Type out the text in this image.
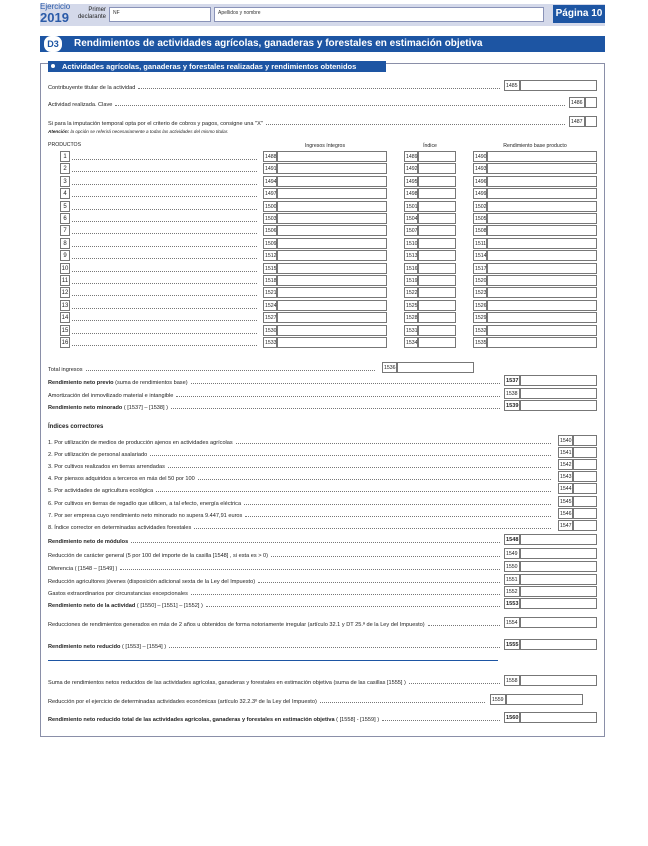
Ejercicio
2019	Primer declarante
NF	Apellidos y nombre	Página 10
D3	Rendimientos de actividades agrícolas, ganaderas y forestales en estimación objetiva
Actividades agrícolas, ganaderas y forestales realizadas y rendimientos obtenidos
Contribuyente titular de la actividad	1485
Actividad realizada. Clave	1486
Si para la imputación temporal opta por el criterio de cobros y pagos, consigne una "X"	1487
Atención: la opción se referirá necesariamente a todas las actividades del mismo titular.
PRODUCTOS	Ingresos íntegros	Índice	Rendimiento base producto
1	1488	1489	1490
2	1491	1492	1493
3	1494	1495	1496
4	1497	1498	1499
5	1500	1501	1502
6	1503	1504	1505
7	1506	1507	1508
8	1509	1510	1511
9	1512	1513	1514
10	1515	1516	1517
11	1518	1519	1520
12	1521	1522	1523
13	1524	1525	1526
14	1527	1528	1529
15	1530	1531	1532
16	1533	1534	1535
Total ingresos	1536
Rendimiento neto previo (suma de rendimientos base)	1537
Amortización del inmovilizado material e intangible	1538
Rendimiento neto minorado ( [1537] – [1538] )	1539
Índices correctores
1. Por utilización de medios de producción ajenos en actividades agrícolas	1540
2. Por utilización de personal asalariado	1541
3. Por cultivos realizados en tierras arrendadas	1542
4. Por piensos adquiridos a terceros en más del 50 por 100	1543
5. Por actividades de agricultura ecológica	1544
6. Por cultivos en tierras de regadío que utilicen, a tal efecto, energía eléctrica	1545
7. Por ser empresa cuyo rendimiento neto minorado no supera 9.447,91 euros	1546
8. Índice corrector en determinadas actividades forestales	1547
Rendimiento neto de módulos	1548
Reducción de carácter general (5 por 100 del importe de la casilla [1548] , si esta es > 0)	1549
Diferencia ( [1548 – [1549] )	1550
Reducción agricultores jóvenes (disposición adicional sexta de la Ley del Impuesto)	1551
Gastos extraordinarios por circunstancias excepcionales	1552
Rendimiento neto de la actividad ( [1550] – [1551] – [1552] )	1553
Reducciones de rendimientos generados en más de 2 años u obtenidos de forma notoriamente irregular (artículo 32.1 y DT 25.ª de la Ley del Impuesto)	1554
Rendimiento neto reducido ( [1553] – [1554] )	1555
Suma de rendimientos netos reducidos de las actividades agrícolas, ganaderas y forestales en estimación objetiva (suma de las casillas [1555] )	1558
Reducción por el ejercicio de determinadas actividades económicas (artículo 32.2.3º de la Ley del Impuesto)	1559
Rendimiento neto reducido total de las actividades agrícolas, ganaderas y forestales en estimación objetiva ( [1558] - [1559] )	1560
